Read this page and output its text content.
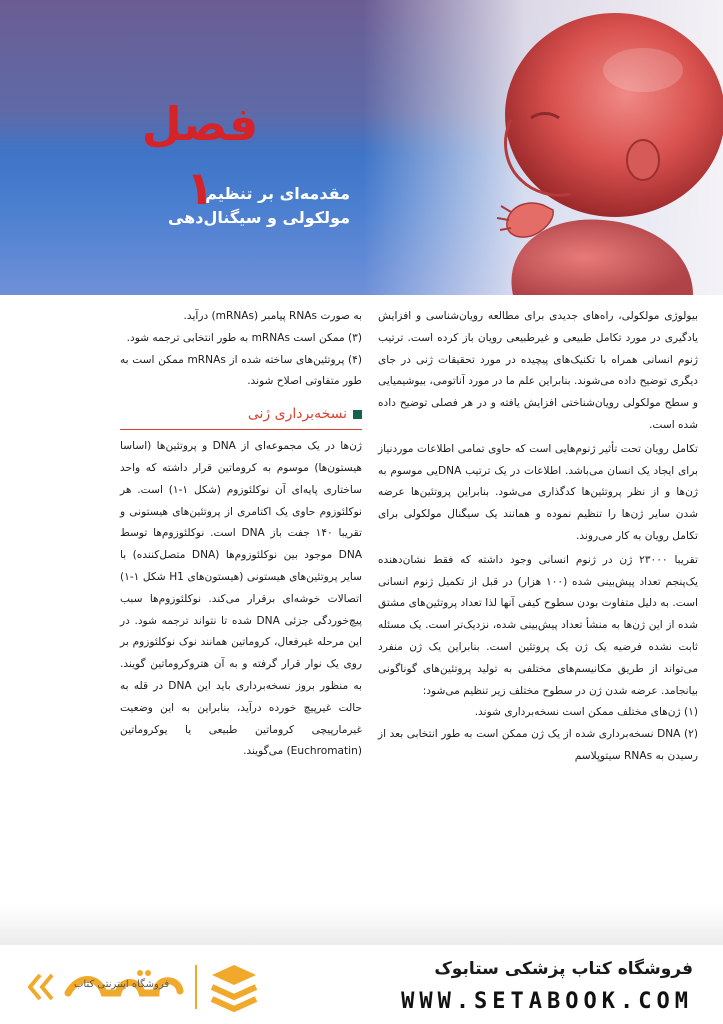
فصل ۱
مقدمه‌ای بر تنظیم مولکولی و سیگنال‌دهی

بیولوژی مولکولی، راه‌های جدیدی برای مطالعه رویان‌شناسی و افزایش یادگیری در مورد تکامل طبیعی و غیرطبیعی رویان باز کرده است. ترتیب ژنوم انسانی همراه با تکنیک‌های پیچیده در مورد تحقیقات ژنی در جای دیگری توضیح داده می‌شوند. بنابراین علم ما در مورد آناتومی، بیوشیمیایی و سطح مولکولی رویان‌شناختی افزایش یافته و در هر فصلی توضیح داده شده است.

تکامل رویان تحت تأثیر ژنوم‌هایی است که حاوی تمامی اطلاعات موردنیاز برای ایجاد یک انسان می‌باشد. اطلاعات در یک ترتیب DNAیی موسوم به ژن‌ها و از نظر پروتئین‌ها کدگذاری می‌شود. بنابراین پروتئین‌ها عرضه شدن سایر ژن‌ها را تنظیم نموده و همانند یک سیگنال مولکولی برای تکامل رویان به کار می‌روند.

تقریبا ۲۳۰۰۰ ژن در ژنوم انسانی وجود داشته که فقط نشان‌دهنده یک‌پنجم تعداد پیش‌بینی شده (۱۰۰ هزار) در قبل از تکمیل ژنوم انسانی است. به دلیل متفاوت بودن سطوح کیفی آنها لذا تعداد پروتئین‌های مشتق شده از این ژن‌ها به منشأ تعداد پیش‌بینی شده، نزدیک‌تر است. یک مسئله ثابت نشده فرضیه یک ژن یک پروتئین است. بنابراین یک ژن منفرد می‌تواند از طریق مکانیسم‌های مختلفی به تولید پروتئین‌های گوناگونی بیانجامد. عرضه شدن ژن در سطوح مختلف زیر تنظیم می‌شود:

(۱) ژن‌های مختلف ممکن است نسخه‌برداری شوند.
(۲) DNA نسخه‌برداری شده از یک ژن ممکن است به طور انتخابی بعد از رسیدن به RNAs سیتوپلاسم

به صورت RNAs پیامبر (mRNAs) درآید.

(۳) ممکن است mRNAs به طور انتخابی ترجمه شود.
(۴) پروتئین‌های ساخته شده از mRNAs ممکن است به طور متفاوتی اصلاح شوند.
نسخه‌برداری ژنی

ژن‌ها در یک مجموعه‌ای از DNA و پروتئین‌ها (اساسا هیستون‌ها) موسوم به کروماتین قرار داشته که واحد ساختاری پایه‌ای آن نوکلئوزوم (شکل ۱-۱) است. هر نوکلئوزوم حاوی یک اکتامری از پروتئین‌های هیستونی و تقریبا ۱۴۰ جفت باز DNA است. نوکلئوزوم‌ها توسط DNA موجود بین نوکلئوزوم‌ها (DNA متصل‌کننده) با سایر پروتئین‌های هیستونی (هیستون‌های H1 شکل ۱-۱) اتصالات خوشه‌ای برقرار می‌کند. نوکلئوزوم‌ها سبب پیچ‌خوردگی جزئی DNA شده تا نتواند ترجمه شود. در این مرحله غیرفعال، کروماتین همانند نوک نوکلئوزوم بر روی یک نوار قرار گرفته و به آن هتروکروماتین گویند. به منظور بروز نسخه‌برداری باید این DNA در قله به حالت غیرپیچ خورده درآید، بنابراین به این وضعیت غیرمارپیچی کروماتین طبیعی یا یوکروماتین (Euchromatin) می‌گویند.

فروشگاه اینترنتی کتاب
فروشگاه کتاب پزشکی ستابوک
WWW.SETABOOK.COM
